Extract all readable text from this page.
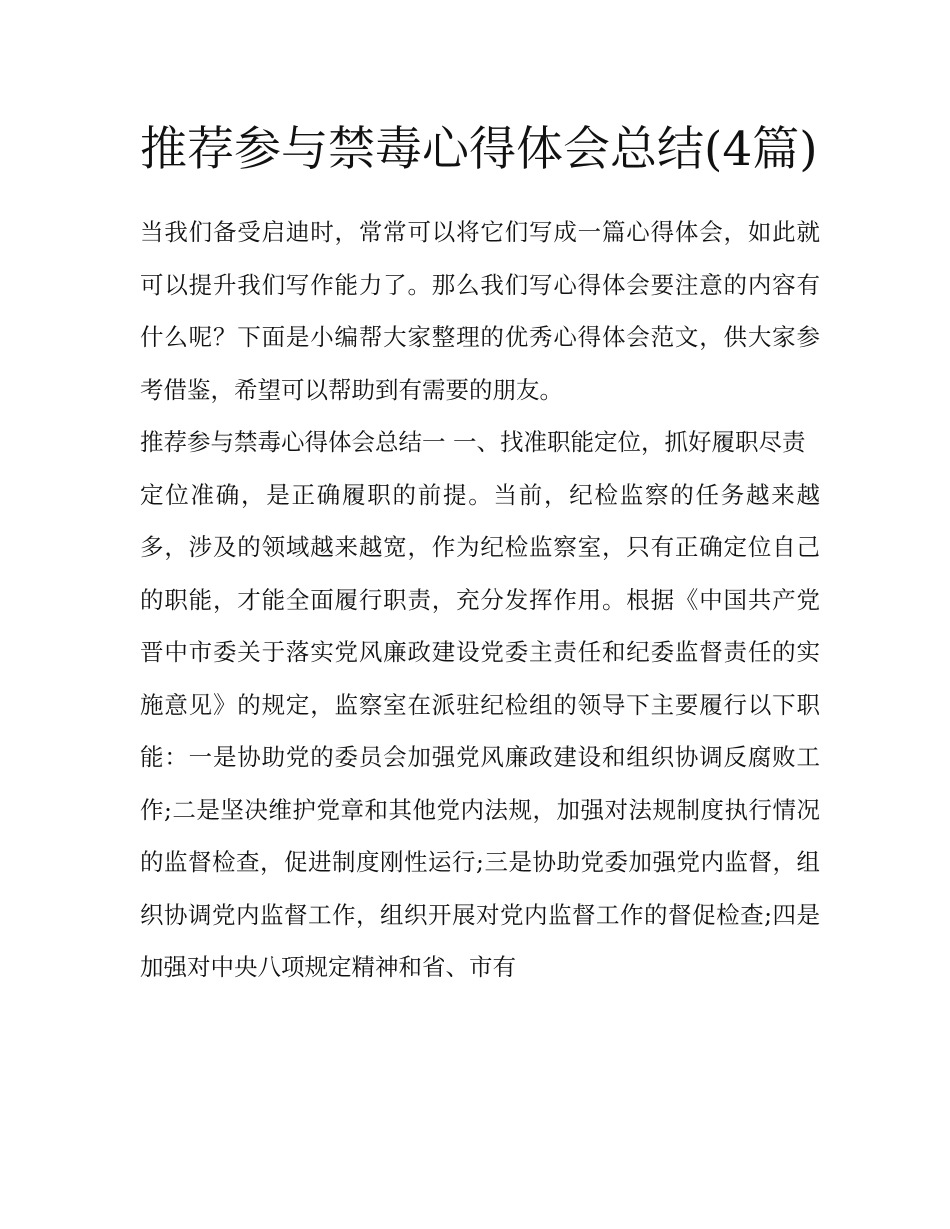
推荐参与禁毒心得体会总结(4篇)

当我们备受启迪时，常常可以将它们写成一篇心得体会，如此就可以提升我们写作能力了。那么我们写心得体会要注意的内容有什么呢？下面是小编帮大家整理的优秀心得体会范文，供大家参考借鉴，希望可以帮助到有需要的朋友。

推荐参与禁毒心得体会总结一 一、找准职能定位，抓好履职尽责

定位准确，是正确履职的前提。当前，纪检监察的任务越来越多，涉及的领域越来越宽，作为纪检监察室，只有正确定位自己的职能，才能全面履行职责，充分发挥作用。根据《中国共产党晋中市委关于落实党风廉政建设党委主责任和纪委监督责任的实施意见》的规定，监察室在派驻纪检组的领导下主要履行以下职能：一是协助党的委员会加强党风廉政建设和组织协调反腐败工作;二是坚决维护党章和其他党内法规，加强对法规制度执行情况的监督检查，促进制度刚性运行;三是协助党委加强党内监督，组织协调党内监督工作，组织开展对党内监督工作的督促检查;四是加强对中央八项规定精神和省、市有
